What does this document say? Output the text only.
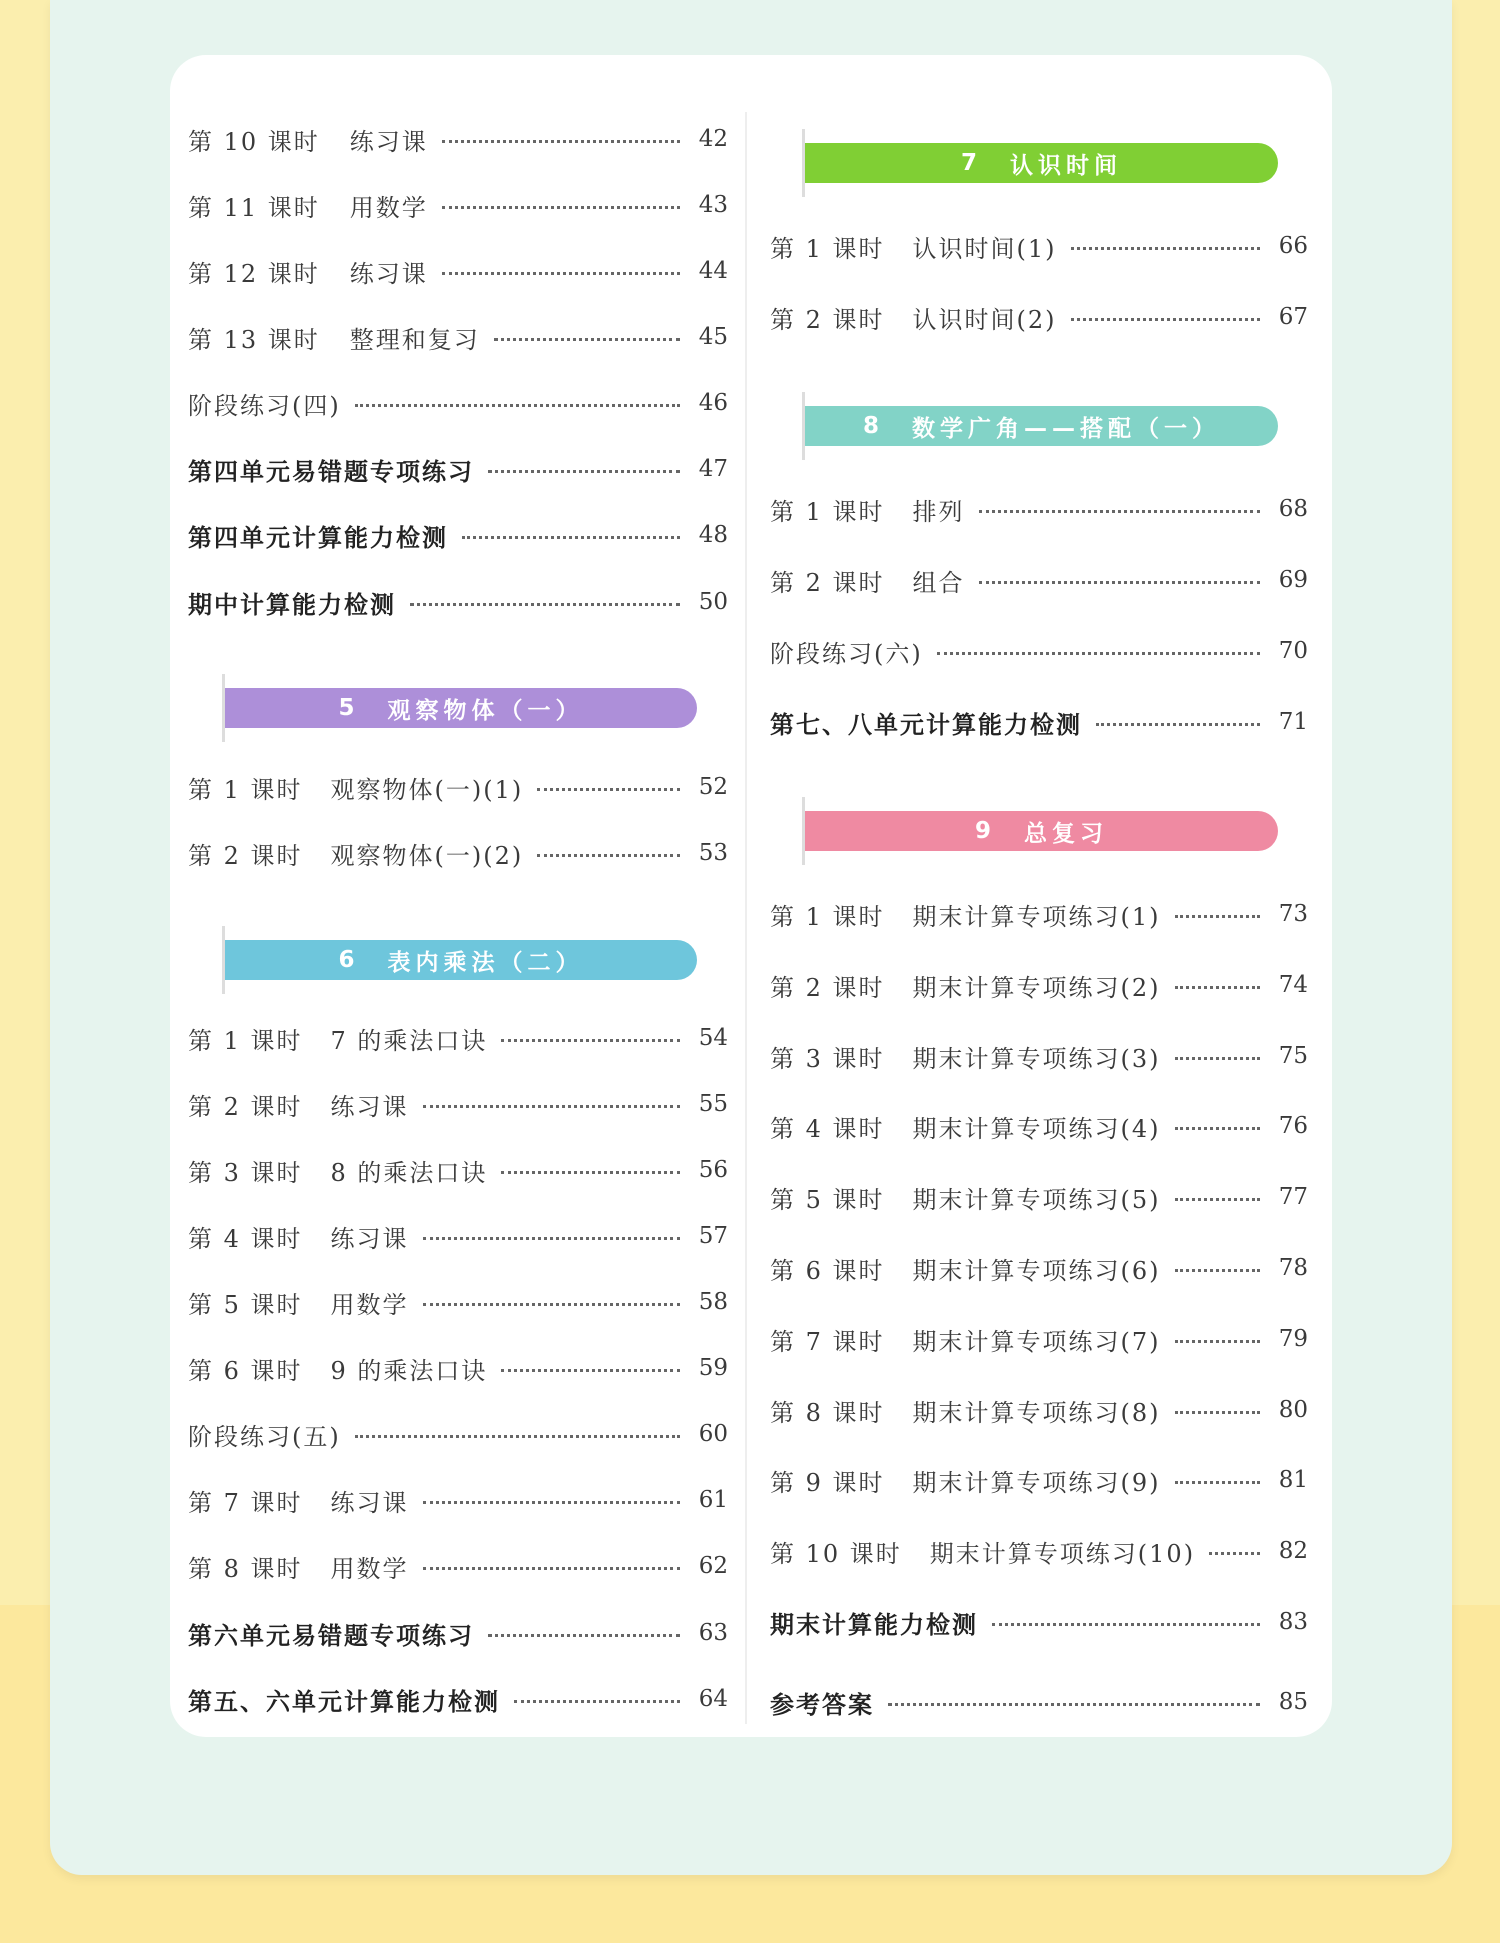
第 10 课时 练习课	42
第 11 课时 用数学	43
第 12 课时 练习课	44
第 13 课时 整理和复习	45
阶段练习(四)	46
第四单元易错题专项练习	47
第四单元计算能力检测	48
期中计算能力检测	50
5 观察物体（一）
第 1 课时 观察物体(一)(1)	52
第 2 课时 观察物体(一)(2)	53
6 表内乘法（二）
第 1 课时 7 的乘法口诀	54
第 2 课时 练习课	55
第 3 课时 8 的乘法口诀	56
第 4 课时 练习课	57
第 5 课时 用数学	58
第 6 课时 9 的乘法口诀	59
阶段练习(五)	60
第 7 课时 练习课	61
第 8 课时 用数学	62
第六单元易错题专项练习	63
第五、六单元计算能力检测	64
7 认识时间
第 1 课时 认识时间(1)	66
第 2 课时 认识时间(2)	67
8 数学广角——搭配（一）
第 1 课时 排列	68
第 2 课时 组合	69
阶段练习(六)	70
第七、八单元计算能力检测	71
9 总复习
第 1 课时 期末计算专项练习(1)	73
第 2 课时 期末计算专项练习(2)	74
第 3 课时 期末计算专项练习(3)	75
第 4 课时 期末计算专项练习(4)	76
第 5 课时 期末计算专项练习(5)	77
第 6 课时 期末计算专项练习(6)	78
第 7 课时 期末计算专项练习(7)	79
第 8 课时 期末计算专项练习(8)	80
第 9 课时 期末计算专项练习(9)	81
第 10 课时 期末计算专项练习(10)	82
期末计算能力检测	83
参考答案	85
